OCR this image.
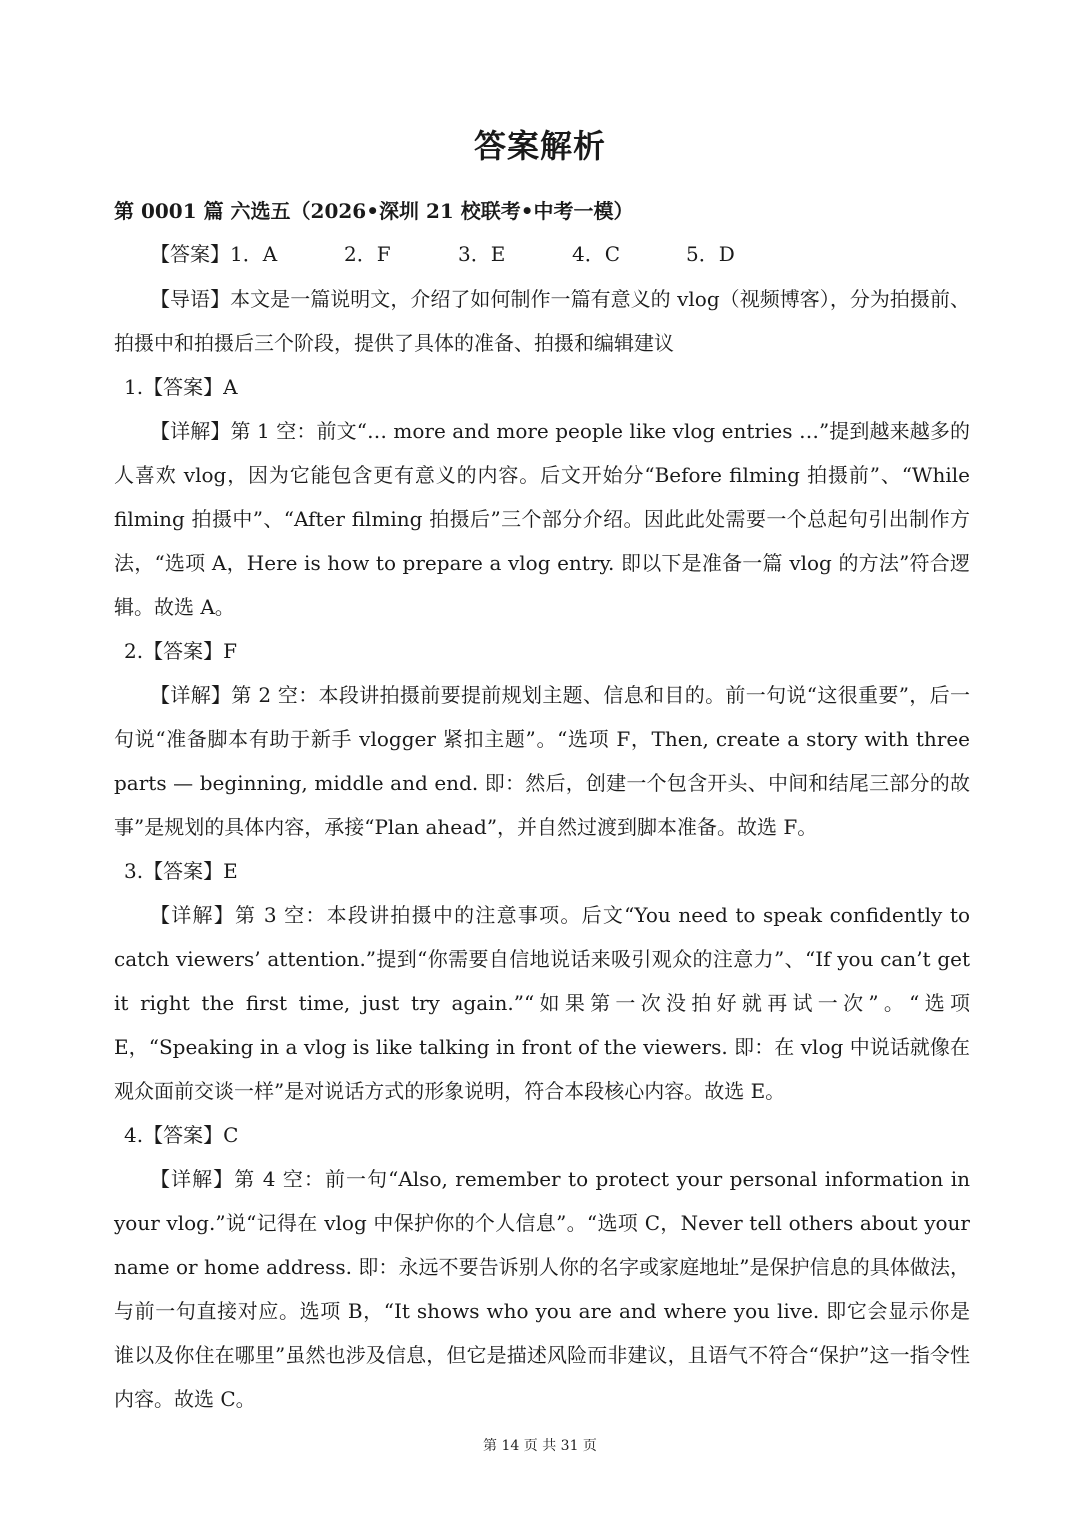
答案解析
第 0001 篇 六选五（2026•深圳 21 校联考•中考一模）
【答案】1．A	2．F	3．E	4．C	5．D

【导语】本文是一篇说明文，介绍了如何制作一篇有意义的 vlog（视频博客），分为拍摄前、拍摄中和拍摄后三个阶段，提供了具体的准备、拍摄和编辑建议

1.【答案】A

【详解】第 1 空：前文“… more and more people like vlog entries …”提到越来越多的人喜欢 vlog，因为它能包含更有意义的内容。后文开始分“Before filming 拍摄前”、“While filming 拍摄中”、“After filming 拍摄后”三个部分介绍。因此此处需要一个总起句引出制作方法，“选项 A，Here is how to prepare a vlog entry. 即以下是准备一篇 vlog 的方法”符合逻辑。故选 A。

2.【答案】F

【详解】第 2 空：本段讲拍摄前要提前规划主题、信息和目的。前一句说“这很重要”，后一句说“准备脚本有助于新手 vlogger 紧扣主题”。“选项 F，Then, create a story with three parts — beginning, middle and end. 即：然后，创建一个包含开头、中间和结尾三部分的故事”是规划的具体内容，承接“Plan ahead”，并自然过渡到脚本准备。故选 F。

3.【答案】E

【详解】第 3 空：本段讲拍摄中的注意事项。后文“You need to speak confidently to catch viewers’ attention.”提到“你需要自信地说话来吸引观众的注意力”、“If you can’t get it right the first time, just try again.”“如果第一次没拍好就再试一次”。“选项 E，“Speaking in a vlog is like talking in front of the viewers. 即：在 vlog 中说话就像在观众面前交谈一样”是对说话方式的形象说明，符合本段核心内容。故选 E。

4.【答案】C

【详解】第 4 空：前一句“Also, remember to protect your personal information in your vlog.”说“记得在 vlog 中保护你的个人信息”。“选项 C，Never tell others about your name or home address. 即：永远不要告诉别人你的名字或家庭地址”是保护信息的具体做法，与前一句直接对应。选项 B，“It shows who you are and where you live. 即它会显示你是谁以及你住在哪里”虽然也涉及信息，但它是描述风险而非建议，且语气不符合“保护”这一指令性内容。故选 C。

第 14 页 共 31 页
